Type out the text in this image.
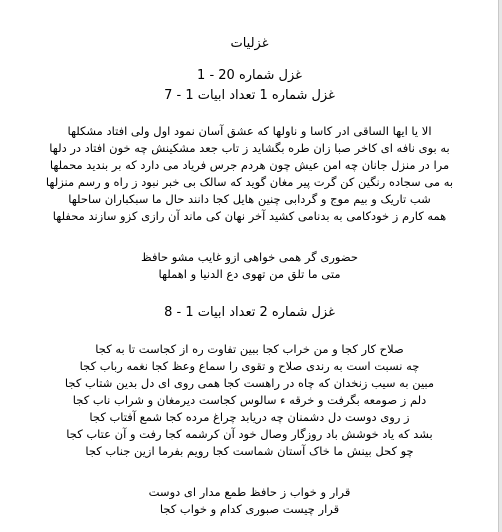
غزلیات
غزل شماره 20 - 1
غزل شماره 1 تعداد ابیات 1 - 7
الا یا ایها الساقی ادر کاسا و ناولها که عشق آسان نمود اول ولی افتاد مشکلها
به بوی نافه ای کاخر صبا زان طره بگشاید ز تاب جعد مشکینش چه خون افتاد در دلها
مرا در منزل جانان چه امن عیش چون هردم جرس فریاد می دارد که بر بندید محملها
به می سجاده رنگین کن گرت پیر مغان گوید که سالک بی خبر نبود ز راه و رسم منزلها
شب تاریک و بیم موج و گردابی چنین هایل کجا دانند حال ما سبکباران ساحلها
همه کارم ز خودکامی به بدنامی کشید آخر نهان کی ماند آن رازی کزو سازند محفلها
حضوری گر همی خواهی ازو غایب مشو حافظ
متی ما تلق من تهوی دع الدنیا و اهملها
غزل شماره 2 تعداد ابیات 1 - 8
صلاح کار کجا و من خراب کجا ببین تفاوت ره از کجاست تا به کجا
چه نسبت است به رندی صلاح و تقوی را سماع وعظ کجا نغمه رباب کجا
مبین به سیب زنخدان که چاه در راهست کجا همی روی ای دل بدین شتاب کجا
دلم ز صومعه بگرفت و خرقه ء سالوس کجاست دیرمغان و شراب ناب کجا
ز روی دوست دل دشمنان چه دریابد چراغ مرده کجا شمع آفتاب کجا
بشد که یاد خوشش باد روزگار وصال خود آن کرشمه کجا رفت و آن عتاب کجا
چو کحل بینش ما خاک آستان شماست کجا رویم بفرما ازین جناب کجا
قرار و خواب ز حافظ طمع مدار ای دوست
قرار چیست صبوری کدام و خواب کجا
